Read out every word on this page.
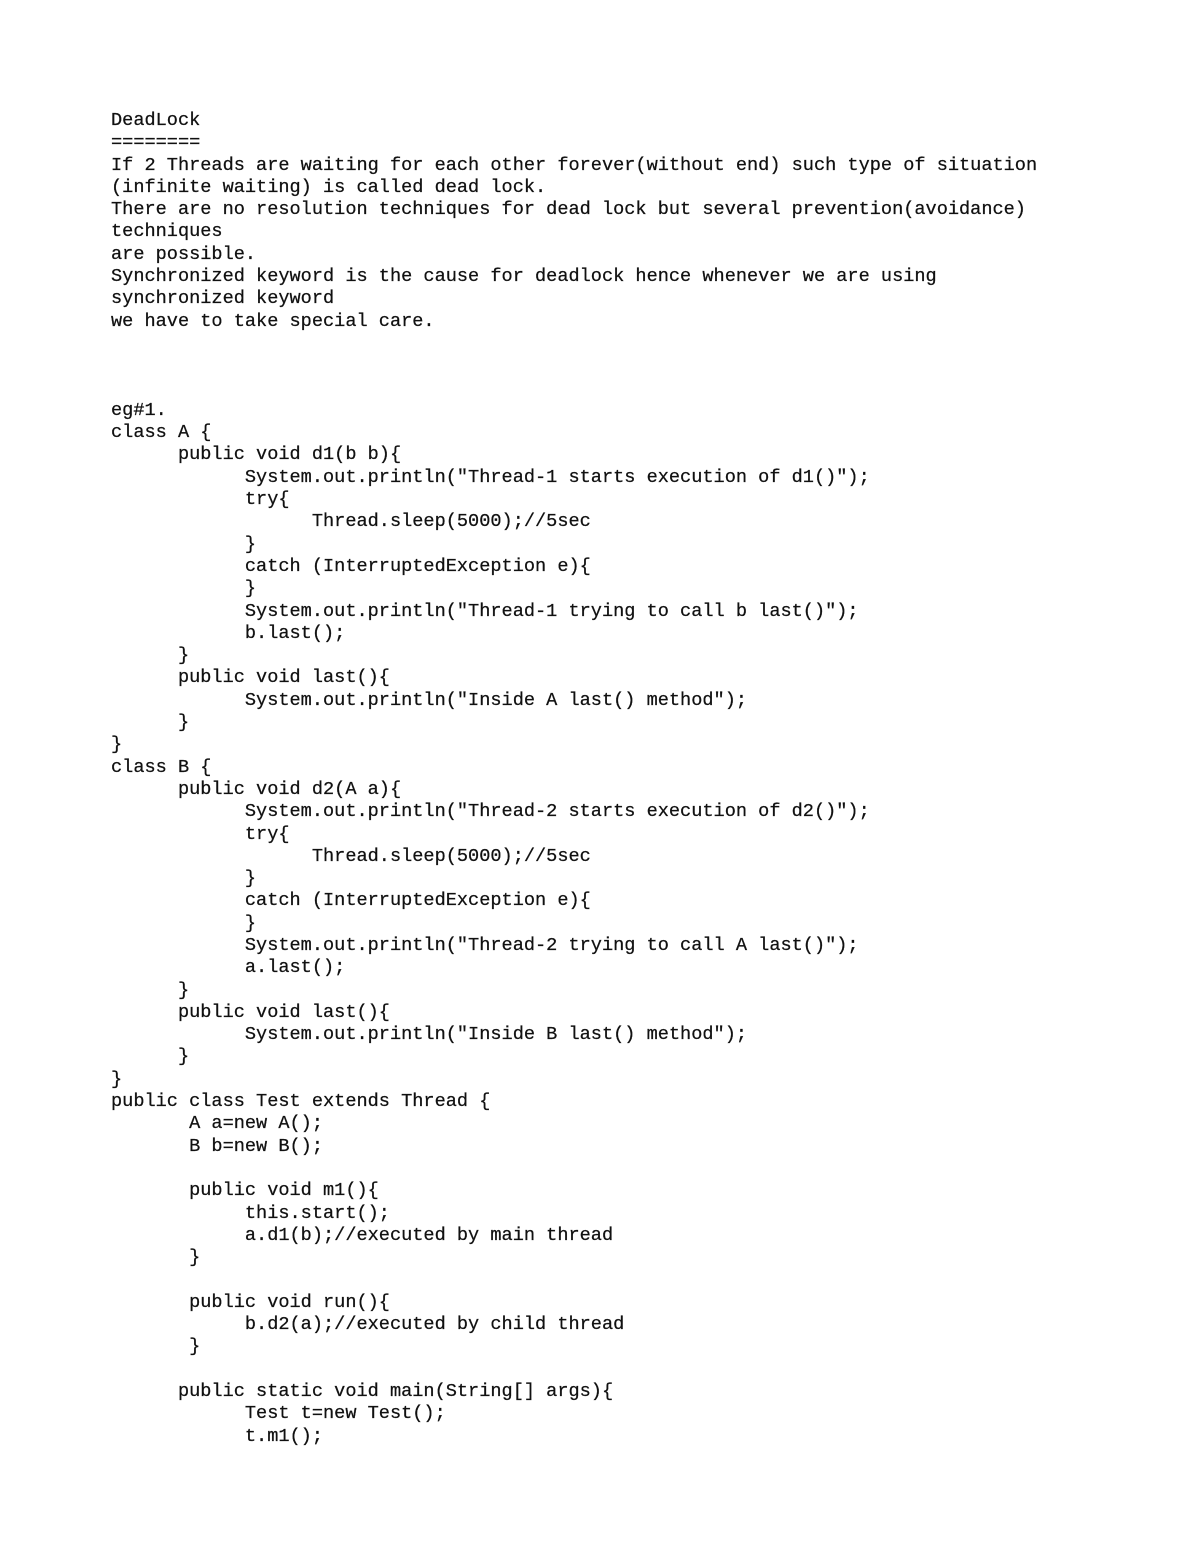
DeadLock
========
If 2 Threads are waiting for each other forever(without end) such type of situation
(infinite waiting) is called dead lock.
There are no resolution techniques for dead lock but several prevention(avoidance)
techniques
are possible.
Synchronized keyword is the cause for deadlock hence whenever we are using
synchronized keyword
we have to take special care.
eg#1.
class A {
public void d1(b b){
System.out.println("Thread-1 starts execution of d1()");
try{
Thread.sleep(5000);//5sec
}
catch (InterruptedException e){
}
System.out.println("Thread-1 trying to call b last()");
b.last();
}
public void last(){
System.out.println("Inside A last() method");
}
}
class B {
public void d2(A a){
System.out.println("Thread-2 starts execution of d2()");
try{
Thread.sleep(5000);//5sec
}
catch (InterruptedException e){
}
System.out.println("Thread-2 trying to call A last()");
a.last();
}
public void last(){
System.out.println("Inside B last() method");
}
}
public class Test extends Thread {
A a=new A();
B b=new B();
public void m1(){
this.start();
a.d1(b);//executed by main thread
}
public void run(){
b.d2(a);//executed by child thread
}
public static void main(String[] args){
Test t=new Test();
t.m1();
